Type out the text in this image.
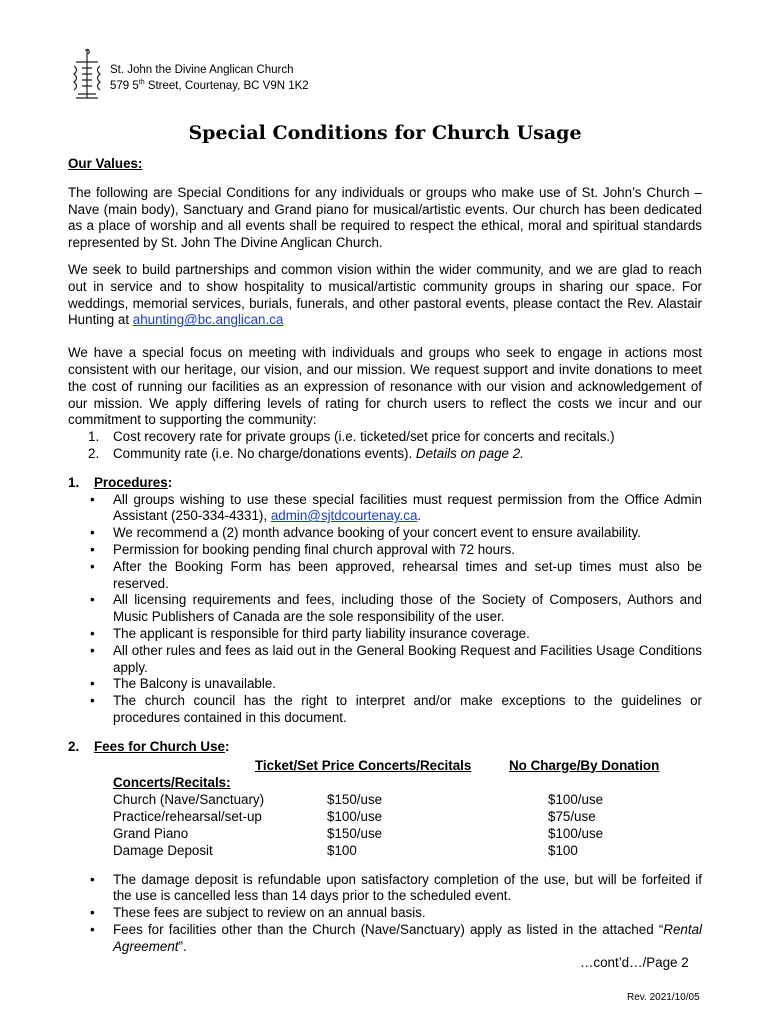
St. John the Divine Anglican Church
579 5th Street, Courtenay, BC V9N 1K2
Special Conditions for Church Usage
Our Values:

The following are Special Conditions for any individuals or groups who make use of St. John’s Church – Nave (main body), Sanctuary and Grand piano for musical/artistic events. Our church has been dedicated as a place of worship and all events shall be required to respect the ethical, moral and spiritual standards represented by St. John The Divine Anglican Church.

We seek to build partnerships and common vision within the wider community, and we are glad to reach out in service and to show hospitality to musical/artistic community groups in sharing our space. For weddings, memorial services, burials, funerals, and other pastoral events, please contact the Rev. Alastair Hunting at ahunting@bc.anglican.ca

We have a special focus on meeting with individuals and groups who seek to engage in actions most consistent with our heritage, our vision, and our mission. We request support and invite donations to meet the cost of running our facilities as an expression of resonance with our vision and acknowledgement of our mission. We apply differing levels of rating for church users to reflect the costs we incur and our commitment to supporting the community:

1. Cost recovery rate for private groups (i.e. ticketed/set price for concerts and recitals.)
2. Community rate (i.e. No charge/donations events). Details on page 2.
1. Procedures:
• All groups wishing to use these special facilities must request permission from the Office Admin Assistant (250-334-4331), admin@sjtdcourtenay.ca.
• We recommend a (2) month advance booking of your concert event to ensure availability.
• Permission for booking pending final church approval with 72 hours.
• After the Booking Form has been approved, rehearsal times and set-up times must also be reserved.
• All licensing requirements and fees, including those of the Society of Composers, Authors and Music Publishers of Canada are the sole responsibility of the user.
• The applicant is responsible for third party liability insurance coverage.
• All other rules and fees as laid out in the General Booking Request and Facilities Usage Conditions apply.
• The Balcony is unavailable.
• The church council has the right to interpret and/or make exceptions to the guidelines or procedures contained in this document.
2. Fees for Church Use:
Ticket/Set Price Concerts/Recitals	No Charge/By Donation
Concerts/Recitals:
Church (Nave/Sanctuary)	$150/use	$100/use
Practice/rehearsal/set-up	$100/use	$75/use
Grand Piano	$150/use	$100/use
Damage Deposit	$100	$100
• The damage deposit is refundable upon satisfactory completion of the use, but will be forfeited if the use is cancelled less than 14 days prior to the scheduled event.
• These fees are subject to review on an annual basis.
• Fees for facilities other than the Church (Nave/Sanctuary) apply as listed in the attached “Rental Agreement”.
…cont’d…/Page 2
Rev. 2021/10/05
